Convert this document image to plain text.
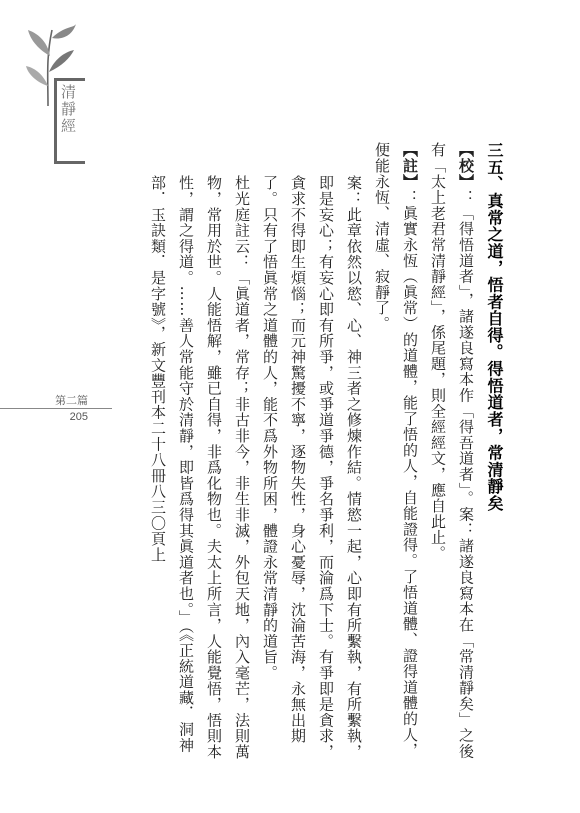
清靜經
第二篇
205	三五、真常之道，悟者自得。得悟道者，常清靜矣

【校】：「得悟道者」，諸遂良寫本作「得吾道者」。案：諸遂良寫本在「常清靜矣」之後有「太上老君常清靜經」，係尾題，則全經經文，應自此止。

【註】：眞實永恆（眞常）的道體，能了悟的人，自能證得。了悟道體、證得道體的人，便能永恆、清虛、寂靜了。

案：此章依然以慾、心、神三者之修煉作結。情慾一起，心即有所繫執，有所繫執，即是妄心；有妄心即有所爭，或爭道爭德，爭名爭利，而淪爲下士。有爭即是貪求，貪求不得即生煩惱；而元神驚擾不寧，逐物失性，身心憂辱，沈淪苦海，永無出期了。只有了悟眞常之道體的人，能不爲外物所困，體證永常清靜的道旨。

杜光庭註云：「眞道者，常存；非古非今，非生非滅，外包天地，內入毫芒，法則萬物，常用於世。人能悟解，雖已自得，非爲化物也。夫太上所言，人能覺悟，悟則本性，謂之得道。……善人常能守於清靜，即皆爲得其眞道者也。」（《正統道藏．洞神部．玉訣類．是字號》，新文豐刊本二十八冊八三〇頁上
